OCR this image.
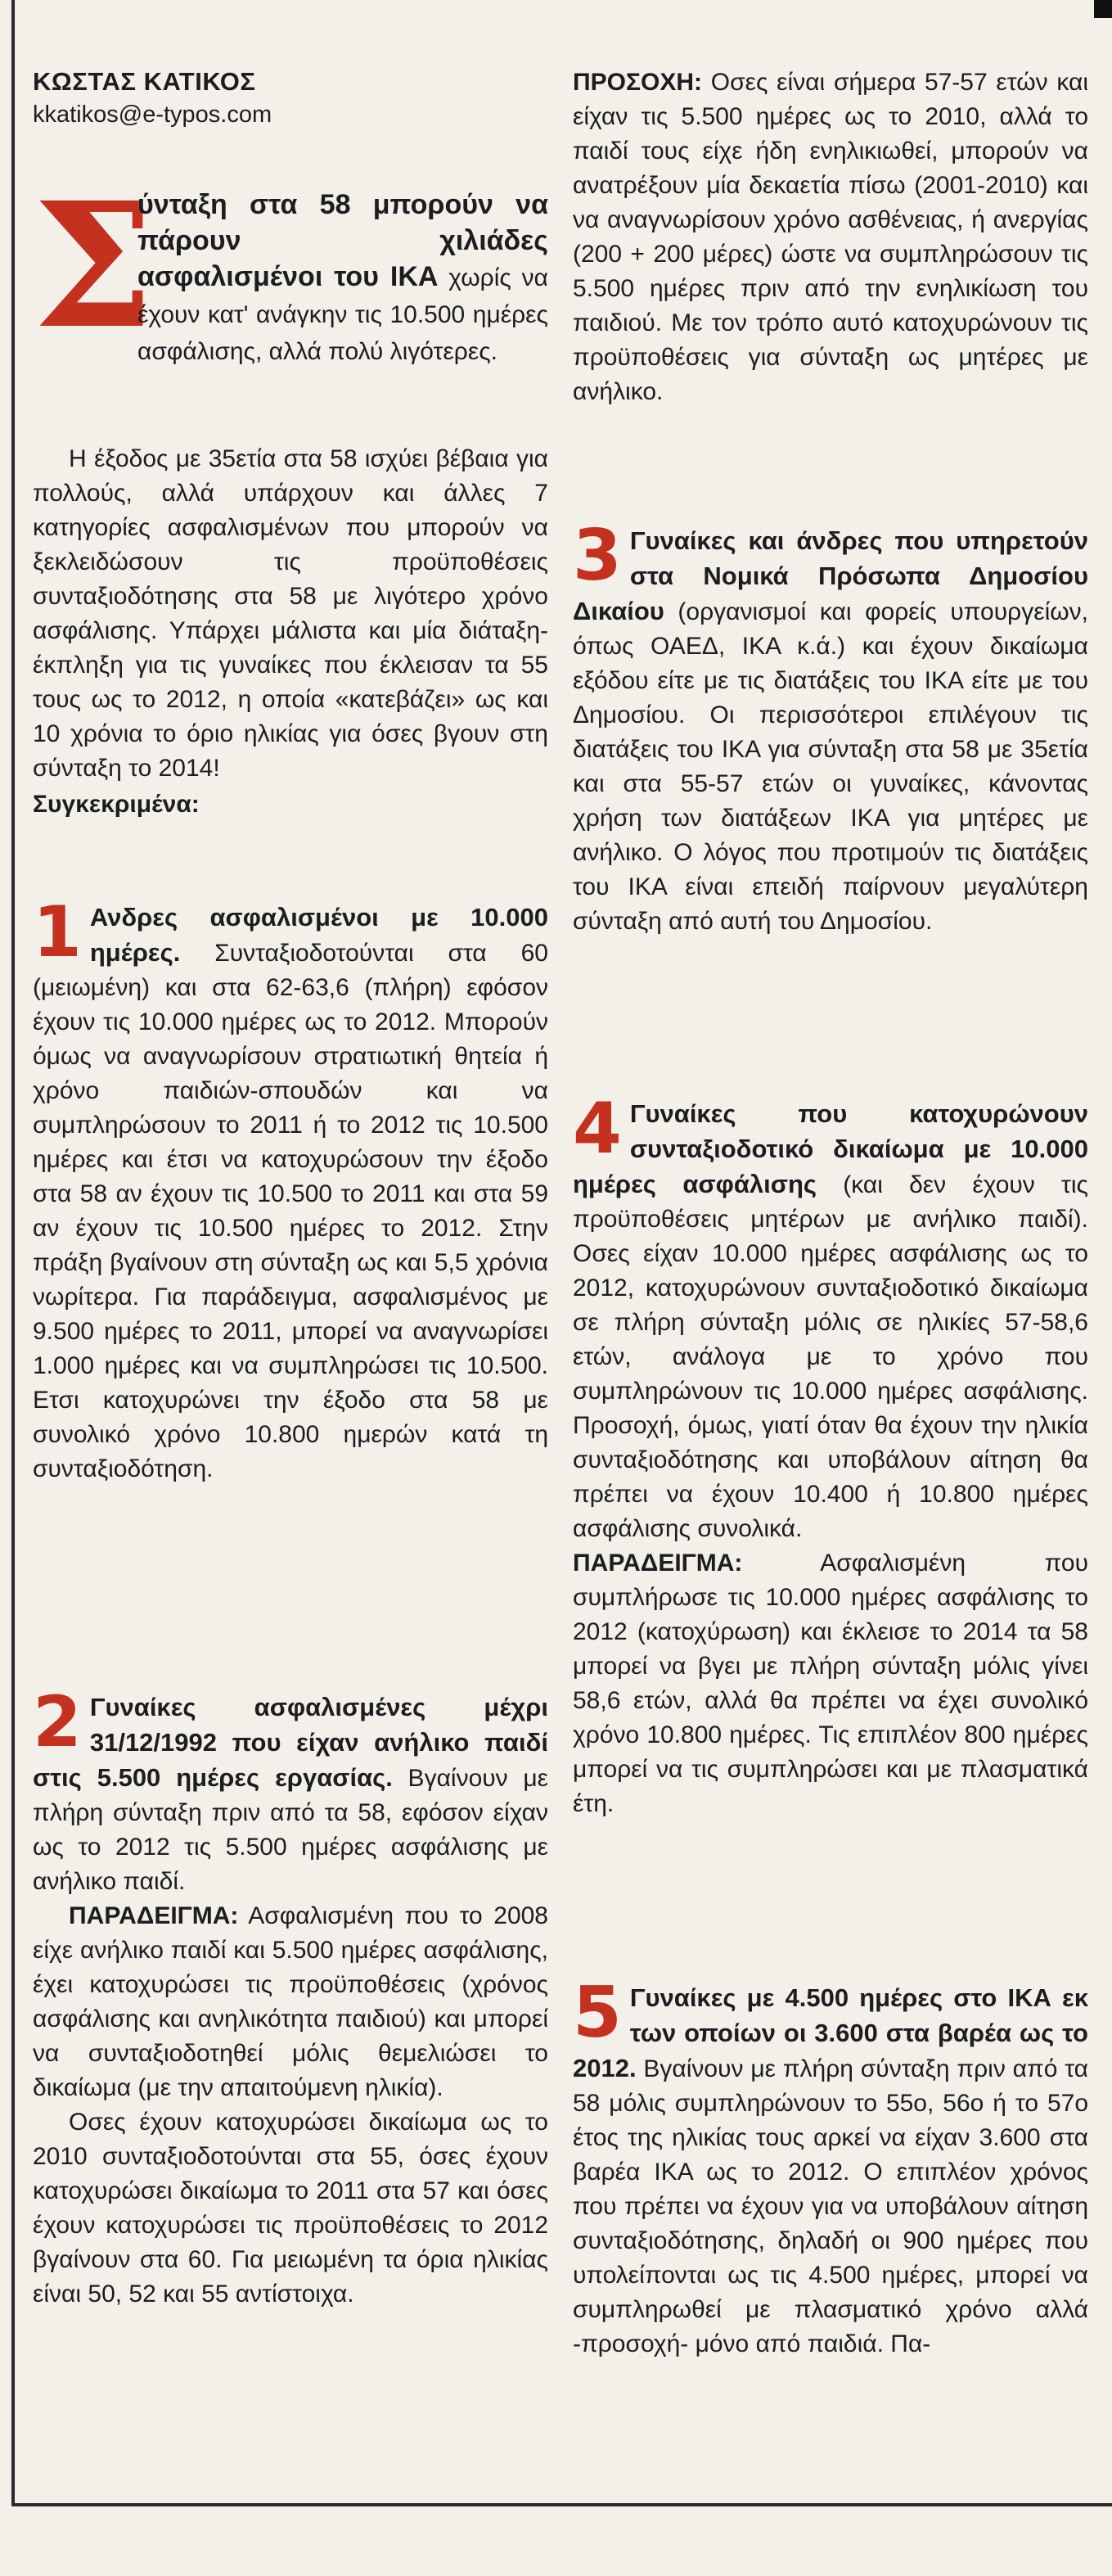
ΚΩΣΤΑΣ ΚΑΤΙΚΟΣ
kkatikos@e-typos.com
Σ
ύνταξη στα 58 μπορούν να πάρουν χιλιάδες ασφαλισμένοι του ΙΚΑ χωρίς να έχουν κατ' ανάγκην τις 10.500 ημέρες ασφάλισης, αλλά πολύ λιγότερες.

Η έξοδος με 35ετία στα 58 ισχύει βέβαια για πολλούς, αλλά υπάρχουν και άλλες 7 κατηγορίες ασφαλισμένων που μπορούν να ξεκλειδώσουν τις προϋποθέσεις συνταξιοδότησης στα 58 με λιγότερο χρόνο ασφάλισης. Υπάρχει μάλιστα και μία διάταξη-έκπληξη για τις γυναίκες που έκλεισαν τα 55 τους ως το 2012, η οποία «κατεβάζει» ως και 10 χρόνια το όριο ηλικίας για όσες βγουν στη σύνταξη το 2014!

Συγκεκριμένα:

1 Ανδρες ασφαλισμένοι με 10.000 ημέρες. Συνταξιοδοτούνται στα 60 (μειωμένη) και στα 62-63,6 (πλήρη) εφόσον έχουν τις 10.000 ημέρες ως το 2012. Μπορούν όμως να αναγνωρίσουν στρατιωτική θητεία ή χρόνο παιδιών-σπουδών και να συμπληρώσουν το 2011 ή το 2012 τις 10.500 ημέρες και έτσι να κατοχυρώσουν την έξοδο στα 58 αν έχουν τις 10.500 το 2011 και στα 59 αν έχουν τις 10.500 ημέρες το 2012. Στην πράξη βγαίνουν στη σύνταξη ως και 5,5 χρόνια νωρίτερα. Για παράδειγμα, ασφαλισμένος με 9.500 ημέρες το 2011, μπορεί να αναγνωρίσει 1.000 ημέρες και να συμπληρώσει τις 10.500. Ετσι κατοχυρώνει την έξοδο στα 58 με συνολικό χρόνο 10.800 ημερών κατά τη συνταξιοδότηση.

2 Γυναίκες ασφαλισμένες μέχρι 31/12/1992 που είχαν ανήλικο παιδί στις 5.500 ημέρες εργασίας. Βγαίνουν με πλήρη σύνταξη πριν από τα 58, εφόσον είχαν ως το 2012 τις 5.500 ημέρες ασφάλισης με ανήλικο παιδί.

ΠΑΡΑΔΕΙΓΜΑ: Ασφαλισμένη που το 2008 είχε ανήλικο παιδί και 5.500 ημέρες ασφάλισης, έχει κατοχυρώσει τις προϋποθέσεις (χρόνος ασφάλισης και ανηλικότητα παιδιού) και μπορεί να συνταξιοδοτηθεί μόλις θεμελιώσει το δικαίωμα (με την απαιτούμενη ηλικία).

Οσες έχουν κατοχυρώσει δικαίωμα ως το 2010 συνταξιοδοτούνται στα 55, όσες έχουν κατοχυρώσει δικαίωμα το 2011 στα 57 και όσες έχουν κατοχυρώσει τις προϋποθέσεις το 2012 βγαίνουν στα 60. Για μειωμένη τα όρια ηλικίας είναι 50, 52 και 55 αντίστοιχα.

ΠΡΟΣΟΧΗ: Οσες είναι σήμερα 57-57 ετών και είχαν τις 5.500 ημέρες ως το 2010, αλλά το παιδί τους είχε ήδη ενηλικιωθεί, μπορούν να ανατρέξουν μία δεκαετία πίσω (2001-2010) και να αναγνωρίσουν χρόνο ασθένειας, ή ανεργίας (200 + 200 μέρες) ώστε να συμπληρώσουν τις 5.500 ημέρες πριν από την ενηλικίωση του παιδιού. Με τον τρόπο αυτό κατοχυρώνουν τις προϋποθέσεις για σύνταξη ως μητέρες με ανήλικο.

3 Γυναίκες και άνδρες που υπηρετούν στα Νομικά Πρόσωπα Δημοσίου Δικαίου (οργανισμοί και φορείς υπουργείων, όπως ΟΑΕΔ, ΙΚΑ κ.ά.) και έχουν δικαίωμα εξόδου είτε με τις διατάξεις του ΙΚΑ είτε με του Δημοσίου. Οι περισσότεροι επιλέγουν τις διατάξεις του ΙΚΑ για σύνταξη στα 58 με 35ετία και στα 55-57 ετών οι γυναίκες, κάνοντας χρήση των διατάξεων ΙΚΑ για μητέρες με ανήλικο. Ο λόγος που προτιμούν τις διατάξεις του ΙΚΑ είναι επειδή παίρνουν μεγαλύτερη σύνταξη από αυτή του Δημοσίου.

4 Γυναίκες που κατοχυρώνουν συνταξιοδοτικό δικαίωμα με 10.000 ημέρες ασφάλισης (και δεν έχουν τις προϋποθέσεις μητέρων με ανήλικο παιδί). Οσες είχαν 10.000 ημέρες ασφάλισης ως το 2012, κατοχυρώνουν συνταξιοδοτικό δικαίωμα σε πλήρη σύνταξη μόλις σε ηλικίες 57-58,6 ετών, ανάλογα με το χρόνο που συμπληρώνουν τις 10.000 ημέρες ασφάλισης. Προσοχή, όμως, γιατί όταν θα έχουν την ηλικία συνταξιοδότησης και υποβάλουν αίτηση θα πρέπει να έχουν 10.400 ή 10.800 ημέρες ασφάλισης συνολικά.

ΠΑΡΑΔΕΙΓΜΑ: Ασφαλισμένη που συμπλήρωσε τις 10.000 ημέρες ασφάλισης το 2012 (κατοχύρωση) και έκλεισε το 2014 τα 58 μπορεί να βγει με πλήρη σύνταξη μόλις γίνει 58,6 ετών, αλλά θα πρέπει να έχει συνολικό χρόνο 10.800 ημέρες. Τις επιπλέον 800 ημέρες μπορεί να τις συμπληρώσει και με πλασματικά έτη.

5 Γυναίκες με 4.500 ημέρες στο ΙΚΑ εκ των οποίων οι 3.600 στα βαρέα ως το 2012. Βγαίνουν με πλήρη σύνταξη πριν από τα 58 μόλις συμπληρώνουν το 55ο, 56ο ή το 57ο έτος της ηλικίας τους αρκεί να είχαν 3.600 στα βαρέα ΙΚΑ ως το 2012. Ο επιπλέον χρόνος που πρέπει να έχουν για να υποβάλουν αίτηση συνταξιοδότησης, δηλαδή οι 900 ημέρες που υπολείπονται ως τις 4.500 ημέρες, μπορεί να συμπληρωθεί με πλασματικό χρόνο αλλά -προσοχή- μόνο από παιδιά. Πα-
